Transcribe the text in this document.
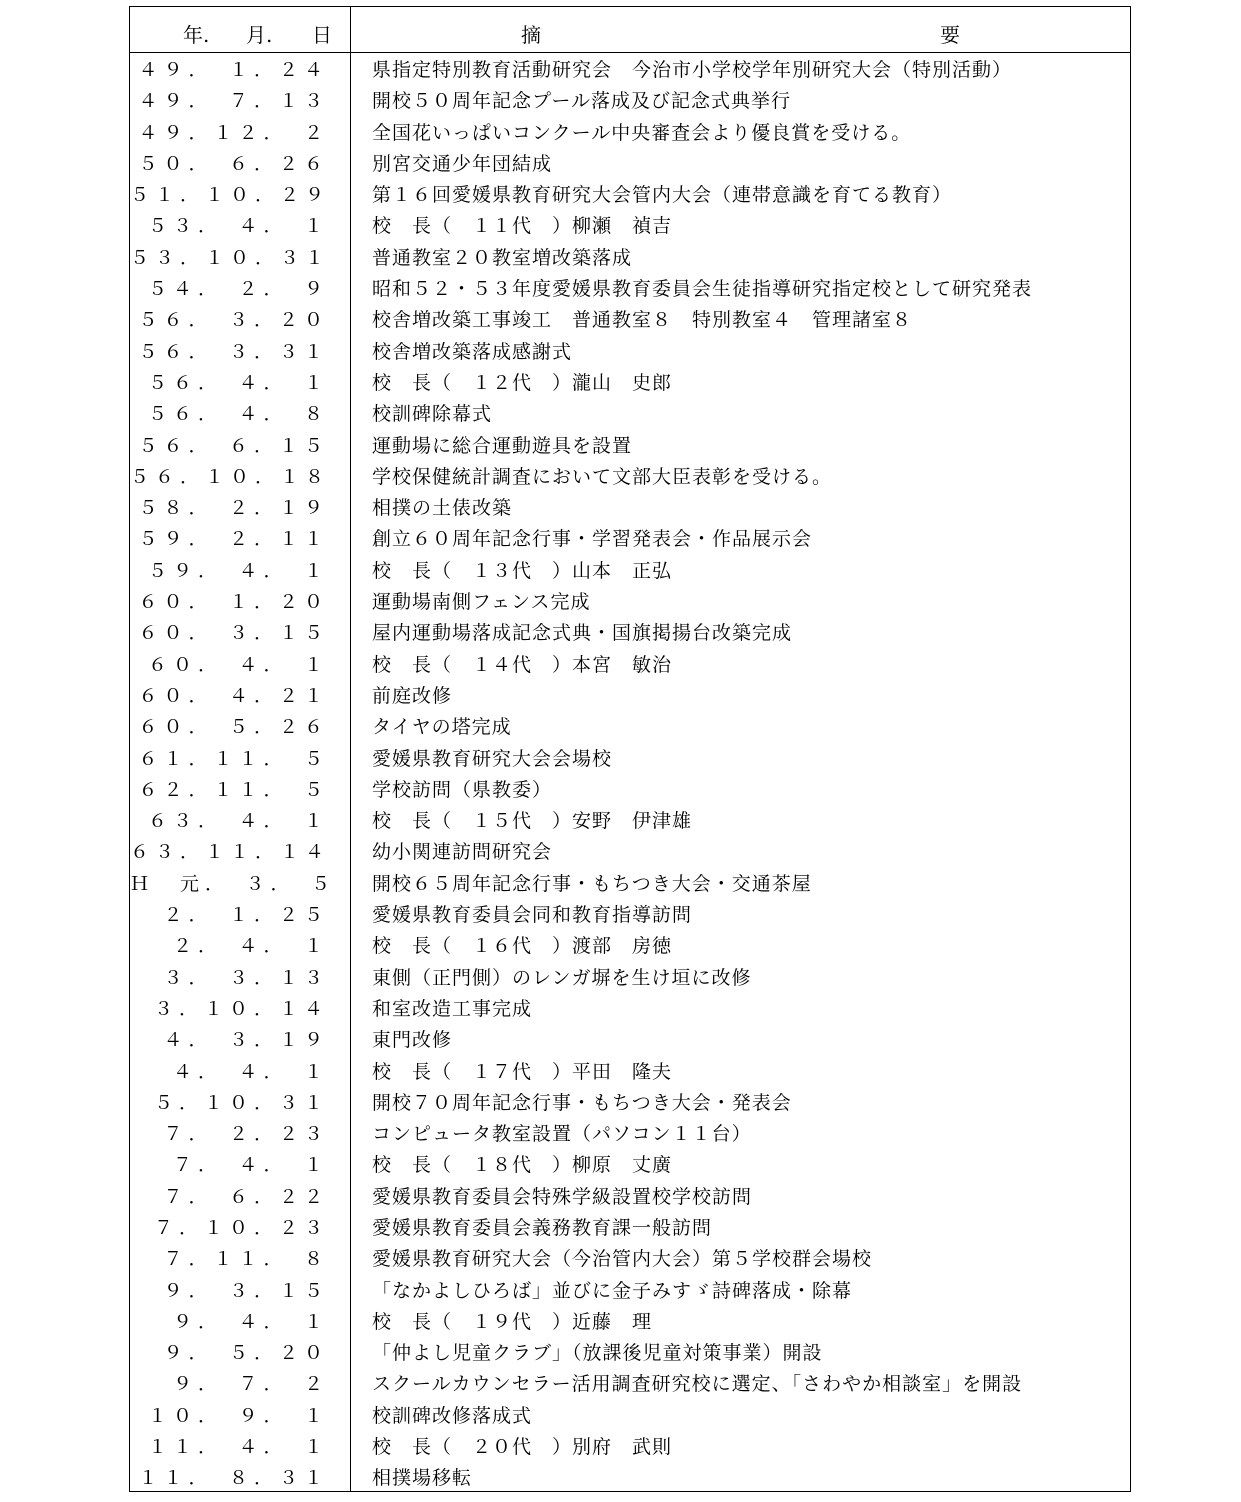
年. 月. 日	摘	要
４９．　１．２４ 県指定特別教育活動研究会　今治市小学校学年別研究大会（特別活動）
４９．　７．１３ 開校５０周年記念プール落成及び記念式典挙行
４９．１２．　２ 全国花いっぱいコンクール中央審査会より優良賞を受ける。
５０．　６．２６ 別宮交通少年団結成
５１．１０．２９ 第１６回愛媛県教育研究大会管内大会（連帯意識を育てる教育）
５３．　４．　１ 校　長（　１１代　）柳瀬　禎吉
５３．１０．３１ 普通教室２０教室増改築落成
５４．　２．　９ 昭和５２・５３年度愛媛県教育委員会生徒指導研究指定校として研究発表
５６．　３．２０ 校舎増改築工事竣工　普通教室８　特別教室４　管理諸室８
５６．　３．３１ 校舎増改築落成感謝式
５６．　４．　１ 校　長（　１２代　）瀧山　史郎
５６．　４．　８ 校訓碑除幕式
５６．　６．１５ 運動場に総合運動遊具を設置
５６．１０．１８ 学校保健統計調査において文部大臣表彰を受ける。
５８．　２．１９ 相撲の土俵改築
５９．　２．１１ 創立６０周年記念行事・学習発表会・作品展示会
５９．　４．　１ 校　長（　１３代　）山本　正弘
６０．　１．２０ 運動場南側フェンス完成
６０．　３．１５ 屋内運動場落成記念式典・国旗掲揚台改築完成
６０．　４．　１ 校　長（　１４代　）本宮　敏治
６０．　４．２１ 前庭改修
６０．　５．２６ タイヤの塔完成
６１．１１．　５ 愛媛県教育研究大会会場校
６２．１１．　５ 学校訪問（県教委）
６３．　４．　１ 校　長（　１５代　）安野　伊津雄
６３．１１．１４ 幼小関連訪問研究会
Ｈ　元．　３．　５ 開校６５周年記念行事・もちつき大会・交通茶屋
２．　１．２５ 愛媛県教育委員会同和教育指導訪問
２．　４．　１ 校　長（　１６代　）渡部　房徳
３．　３．１３ 東側（正門側）のレンガ塀を生け垣に改修
３．１０．１４ 和室改造工事完成
４．　３．１９ 東門改修
４．　４．　１ 校　長（　１７代　）平田　隆夫
５．１０．３１ 開校７０周年記念行事・もちつき大会・発表会
７．　２．２３ コンピュータ教室設置（パソコン１１台）
７．　４．　１ 校　長（　１８代　）柳原　丈廣
７．　６．２２ 愛媛県教育委員会特殊学級設置校学校訪問
７．１０．２３ 愛媛県教育委員会義務教育課一般訪問
７．１１．　８ 愛媛県教育研究大会（今治管内大会）第５学校群会場校
９．　３．１５ 「なかよしひろば」並びに金子みすゞ詩碑落成・除幕
９．　４．　１ 校　長（　１９代　）近藤　理
９．　５．２０ 「仲よし児童クラブ」（放課後児童対策事業）開設
９．　７．　２ スクールカウンセラー活用調査研究校に選定、「さわやか相談室」を開設
１０．　９．　１ 校訓碑改修落成式
１１．　４．　１ 校　長（　２０代　）別府　武則
１１．　８．３１ 相撲場移転
